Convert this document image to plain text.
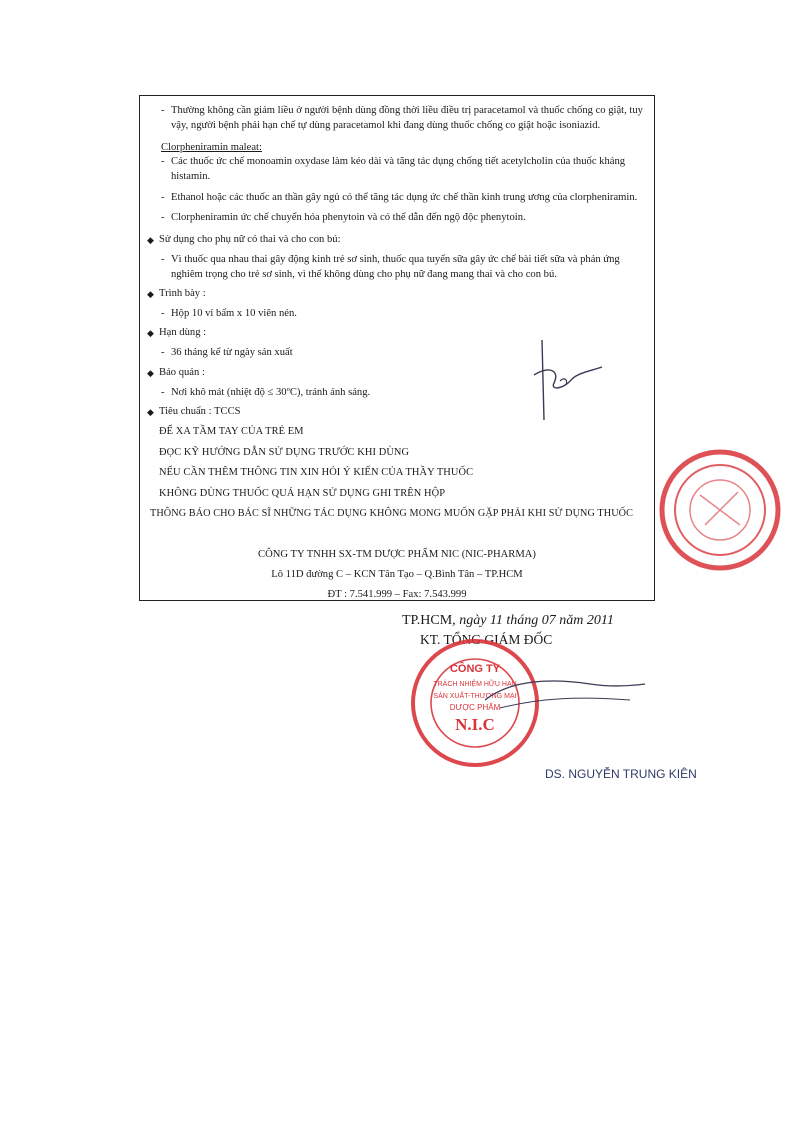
- Thường không cần giảm liều ở người bệnh dùng đồng thời liều điều trị paracetamol và thuốc chống co giật, tuy
vậy, người bệnh phải hạn chế tự dùng paracetamol khi đang dùng thuốc chống co giật hoặc isoniazid.
Clorpheniramin maleat:
- Các thuốc ức chế monoamin oxydase làm kéo dài và tăng tác dụng chống tiết acetylcholin của thuốc kháng
histamin.
- Ethanol hoặc các thuốc an thần gây ngủ có thể tăng tác dụng ức chế thần kinh trung ương của clorpheniramin.
- Clorpheniramin ức chế chuyển hóa phenytoin và có thể dẫn đến ngộ độc phenytoin.
◆ Sử dụng cho phụ nữ có thai và cho con bú:
- Vì thuốc qua nhau thai gây động kinh trẻ sơ sinh, thuốc qua tuyến sữa gây ức chế bài tiết sữa và phản ứng
nghiêm trọng cho trẻ sơ sinh, vì thế không dùng cho phụ nữ đang mang thai và cho con bú.
◆ Trình bày :
- Hộp 10 vỉ bấm x 10 viên nén.
◆ Hạn dùng :
- 36 tháng kể từ ngày sản xuất
◆ Bảo quản :
- Nơi khô mát (nhiệt độ ≤ 30ºC), tránh ánh sáng.
◆ Tiêu chuẩn : TCCS
ĐỂ XA TẦM TAY CỦA TRẺ EM
ĐỌC KỸ HƯỚNG DẪN SỬ DỤNG TRƯỚC KHI DÙNG
NẾU CẦN THÊM THÔNG TIN XIN HỎI Ý KIẾN CỦA THẦY THUỐC
KHÔNG DÙNG THUỐC QUÁ HẠN SỬ DỤNG GHI TRÊN HỘP
THÔNG BÁO CHO BÁC SĨ NHỮNG TÁC DỤNG KHÔNG MONG MUỐN GẶP PHẢI KHI SỬ DỤNG THUỐC
CÔNG TY TNHH SX-TM DƯỢC PHẨM NIC (NIC-PHARMA)
Lô 11D đường C – KCN Tân Tạo – Q.Bình Tân – TP.HCM
ĐT : 7.541.999 – Fax: 7.543.999
TP.HCM, ngày 11 tháng 07 năm 2011
KT. TỔNG GIÁM ĐỐC
CÔNG TY
TRÁCH NHIỆM HỮU HẠN
SẢN XUẤT-THƯƠNG MẠI
DƯỢC PHẨM
N.I.C
DS. NGUYỄN TRUNG KIÊN
